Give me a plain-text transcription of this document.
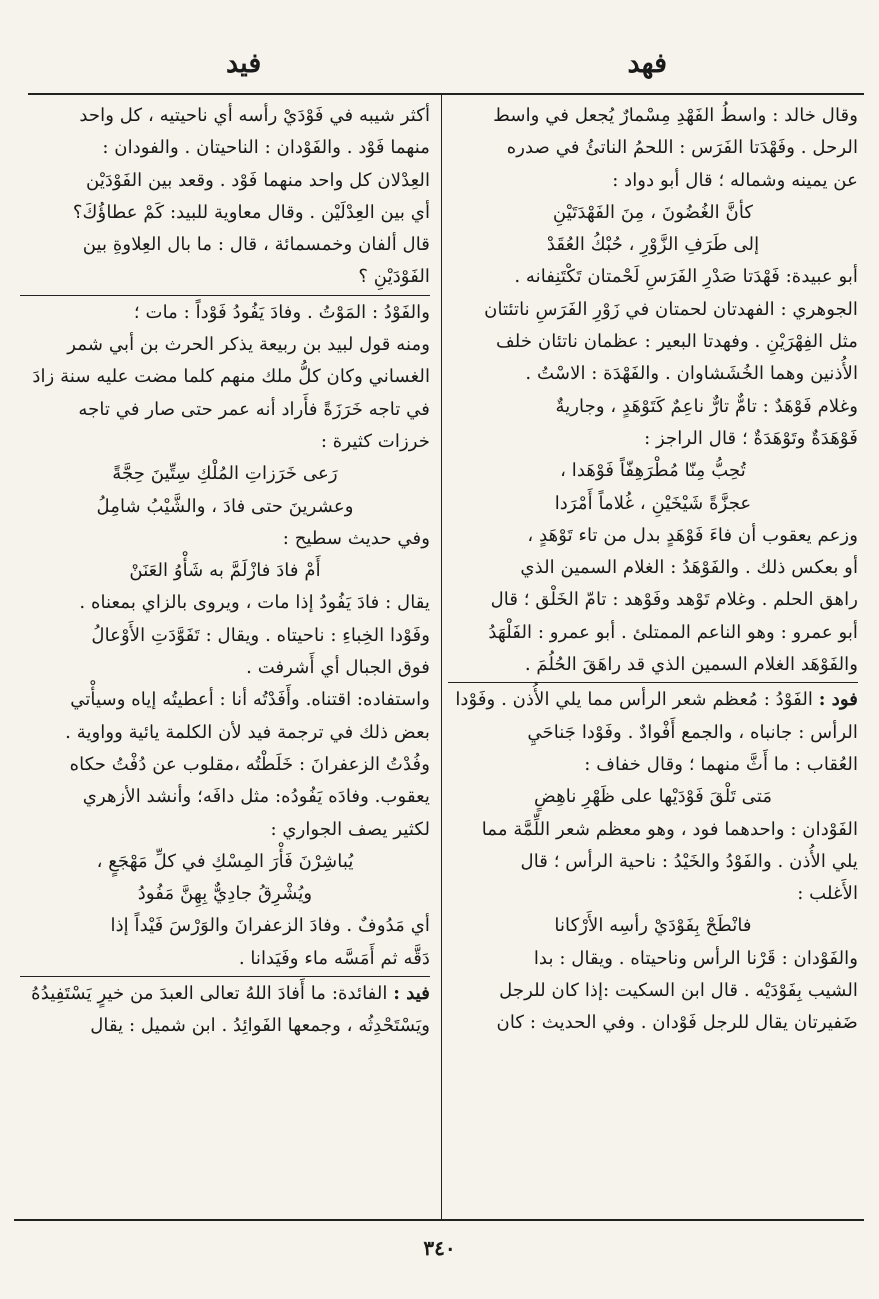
فهد
فيد

وقال خالد : واسطُ الفَهْدِ مِسْمارٌ يُجعل في واسط

الرحل . وفَهْدَتا الفَرَس : اللحمُ الناتئُ في صدره

عن يمينه وشماله ؛ قال أبو دواد :

كأنَّ الغُضُونَ ، مِنَ الفَهْدَتَيْنِ

إلى طَرَفِ الزَّوْرِ ، حُبْكُ العُقَدْ

أبو عبيدة: فَهْدَتا صَدْرِ الفَرَسِ لَحْمتان تَكْتَنِفانه .

الجوهري : الفهدتان لحمتان في زَوْرِ الفَرَسِ ناتئتان

مثل الفِهْرَيْنِ . وفهدتا البعير : عظمان ناتئان خلف

الأُذنين وهما الخُشَشاوان . والفَهْدَة : الاسْتُ .

وغلام فَوْهَدٌ : تامٌّ تارٌّ ناعِمٌ كَتَوْهَدٍ ، وجاريةٌ

فَوْهَدَةٌ وتَوْهَدَةٌ ؛ قال الراجز :

تُحِبُّ مِنّا مُطْرَهِفّاً فَوْهَدا ،

عجزَّةً شَيْخَيْنِ ، غُلاماً أَمْرَدا

وزعم يعقوب أن فاءَ فَوْهَدٍ بدل من تاء تَوْهَدٍ ،

أو بعكس ذلك . والفَوْهَدُ : الغلام السمين الذي

راهق الحلم . وغلام تَوْهد وفَوْهد : تامّ الخَلْق ؛ قال

أبو عمرو : وهو الناعم الممتلئ . أبو عمرو : الفَلْهَدُ

والفَوْهَد الغلام السمين الذي قد راهَقَ الحُلُمَ .

فود : الفَوْدُ : مُعظم شعر الرأس مما يلي الأُذن . وفَوْدا

الرأس : جانباه ، والجمع أَفْوادٌ . وفَوْدا جَناحَيِ

العُقاب : ما أَثَّ منهما ؛ وقال خفاف :

مَتى تَلْقَ فَوْدَيْها على ظَهْرِ ناهِضٍ

الفَوْدان : واحدهما فود ، وهو معظم شعر اللِّمَّة مما

يلي الأُذن . والفَوْدُ والخَيْدُ : ناحية الرأس ؛ قال

الأَغلب :

فانْطَحْ بِفَوْدَيْ رأسِه الأَرْكانا

والفَوْدان : قَرْنا الرأس وناحيتاه . ويقال : بدا

الشيب بِفَوْدَيْه . قال ابن السكيت :إذا كان للرجل

ضَفيرتان يقال للرجل فَوْدان . وفي الحديث : كان

أكثر شيبه في فَوْدَيْ رأسه أي ناحيتيه ، كل واحد

منهما فَوْد . والفَوْدان : الناحيتان . والفودان :

العِدْلان كل واحد منهما فَوْد . وقعد بين الفَوْدَيْن

أي بين العِدْلَيْن . وقال معاوية للبيد: كَمْ عطاؤُكَ؟

قال ألفان وخمسمائة ، قال : ما بال العِلاوةِ بين

الفَوْدَيْنِ ؟

والفَوْدُ : المَوْتُ . وفادَ يَفُودُ فَوْداً : مات ؛

ومنه قول لبيد بن ربيعة يذكر الحرث بن أبي شمر

الغساني وكان كلُّ ملك منهم كلما مضت عليه سنة زادَ

في تاجه خَرَزَةً فأَراد أنه عمر حتى صار في تاجه

خرزات كثيرة :

رَعى خَرَزاتِ المُلْكِ سِتِّينَ حِجَّةً

وعشرينَ حتى فادَ ، والشَّيْبُ شامِلُ

وفي حديث سطيح :

أَمْ فادَ فازْلَمَّ به شَأْوُ العَنَنْ

يقال : فادَ يَفُودُ إذا مات ، ويروى بالزاي بمعناه .

وفَوْدا الخِباءِ : ناحيتاه . ويقال : تَفَوَّدَتِ الأَوْعالُ

فوق الجبال أي أَشرفت .

واستفاده: اقتناه. وأَفَدْتُه أنا : أعطيتُه إياه وسيأْتي

بعض ذلك في ترجمة فيد لأن الكلمة يائية وواوية .

وفُدْتُ الزعفرانَ : خَلَطْتُه ،مقلوب عن دُفْتُ حكاه

يعقوب. وفادَه يَفُودُه: مثل دافَه؛ وأنشد الأزهري

لكثير يصف الجواري :

يُباشِرْنَ فَأْرَ المِسْكِ في كلِّ مَهْجَعٍ ،

ويُشْرِقُ جادِيٌّ بِهِنَّ مَفُودُ

أي مَدُوفٌ . وفادَ الزعفرانَ والوَرْسَ فَيْداً إذا

دَقَّه ثم أَمَسَّه ماء وفَيَدانا .

فيد : الفائدة: ما أَفادَ اللهُ تعالى العبدَ من خيرٍ يَسْتَفِيدُهُ

ويَسْتَحْدِثُه ، وجمعها الفَوائِدُ . ابن شميل : يقال

٣٤٠
